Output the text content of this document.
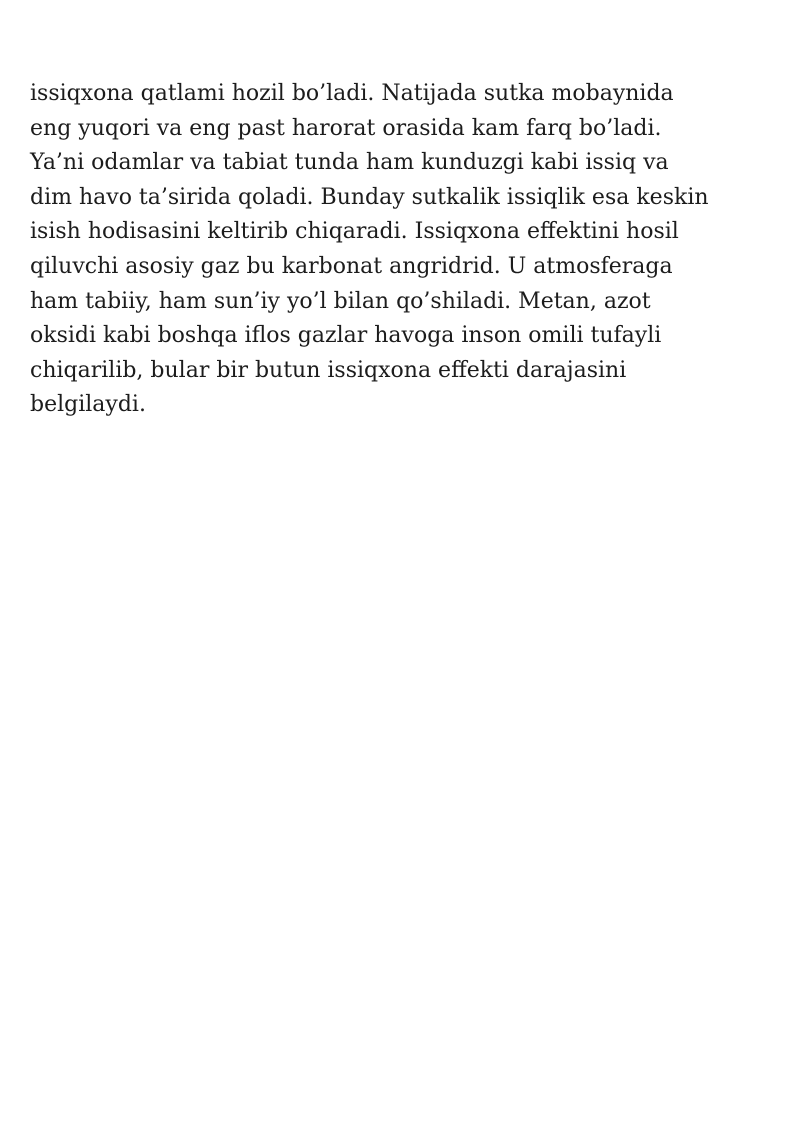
issiqxona qatlami hozil bo’ladi. Natijada sutka mobaynida
eng yuqori va eng past harorat orasida kam farq bo’ladi.
Ya’ni odamlar va tabiat tunda ham kunduzgi kabi issiq va
dim havo ta’sirida qoladi. Bunday sutkalik issiqlik esa keskin
isish hodisasini keltirib chiqaradi. Issiqxona effektini hosil
qiluvchi asosiy gaz bu karbonat angridrid. U atmosferaga
ham tabiiy, ham sun’iy yo’l bilan qo’shiladi. Metan, azot
oksidi kabi boshqa iflos gazlar havoga inson omili tufayli
chiqarilib, bular bir butun issiqxona effekti darajasini
belgilaydi.
